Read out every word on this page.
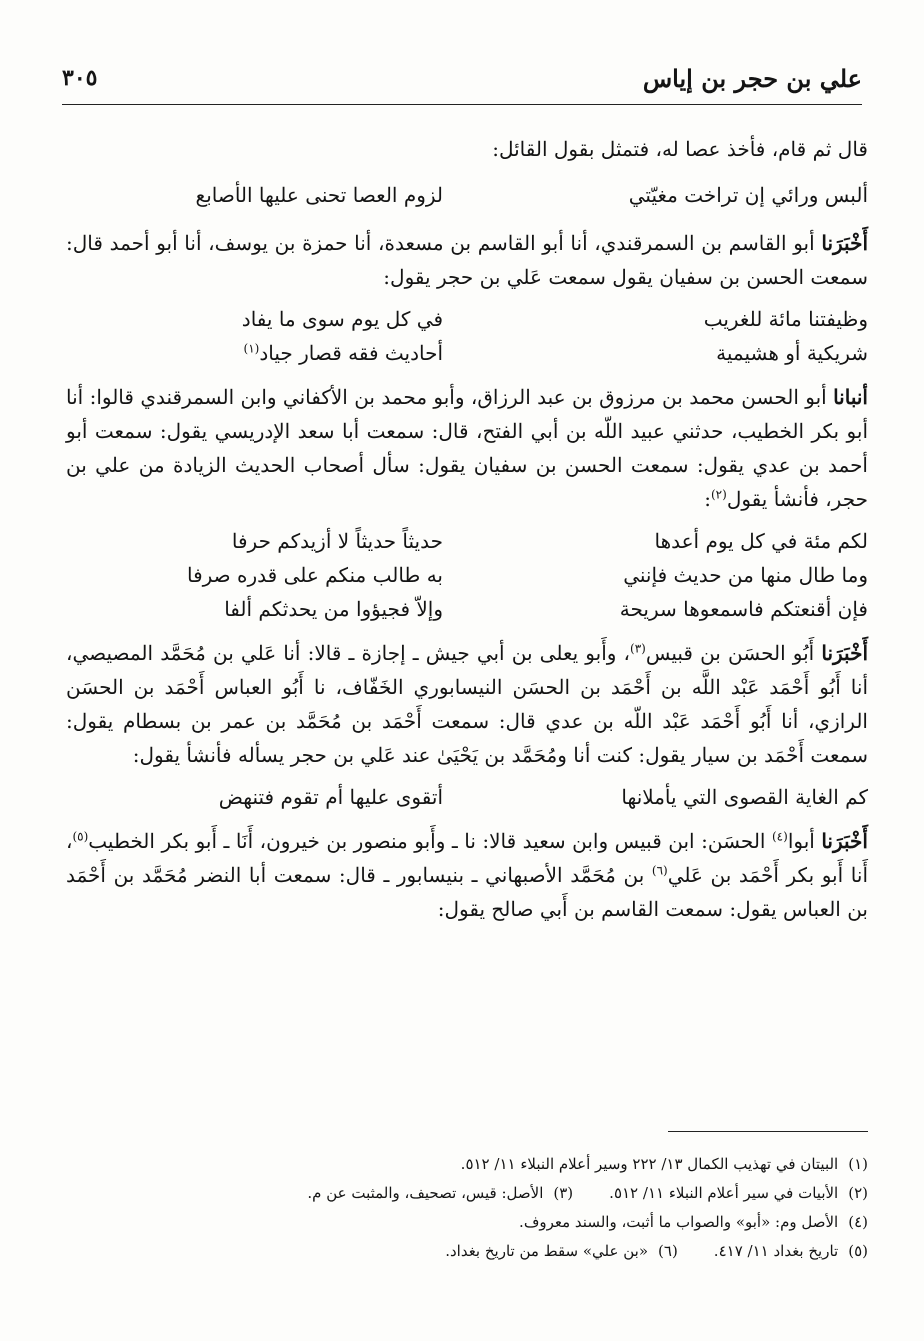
علي بن حجر بن إياس
٣٠٥

قال ثم قام، فأخذ عصا له، فتمثل بقول القائل:

ألبس ورائي إن تراخت مغيّتي
لزوم العصا تحنى عليها الأصابع

أَخْبَرَنا أبو القاسم بن السمرقندي، أنا أبو القاسم بن مسعدة، أنا حمزة بن يوسف، أنا أبو أحمد قال: سمعت الحسن بن سفيان يقول سمعت عَلي بن حجر يقول:

وظيفتنا مائة للغريب
في كل يوم سوى ما يفاد
شريكية أو هشيمية
أحاديث فقه قصار جياد$^{(١)}$

أنبانا أبو الحسن محمد بن مرزوق بن عبد الرزاق، وأبو محمد بن الأكفاني وابن السمرقندي قالوا: أنا أبو بكر الخطيب، حدثني عبيد اللّه بن أبي الفتح، قال: سمعت أبا سعد الإدريسي يقول: سمعت أبو أحمد بن عدي يقول: سمعت الحسن بن سفيان يقول: سأل أصحاب الحديث الزيادة من علي بن حجر، فأنشأ يقول$^{(٢)}$:

لكم مئة في كل يوم أعدها
حديثاً حديثاً لا أزيدكم حرفا
وما طال منها من حديث فإنني
به طالب منكم على قدره صرفا
فإن أقنعتكم فاسمعوها سريحة
وإلاّ فجيؤوا من يحدثكم ألفا

أَخْبَرَنا أَبُو الحسَن بن قبيس$^{(٣)}$، وأَبو يعلى بن أبي جيش ـ إجازة ـ قالا: أنا عَلي بن مُحَمَّد المصيصي، أنا أَبُو أَحْمَد عَبْد اللَّه بن أَحْمَد بن الحسَن النيسابوري الخَفّاف، نا أَبُو العباس أَحْمَد بن الحسَن الرازي، أنا أَبُو أَحْمَد عَبْد اللّه بن عدي قال: سمعت أَحْمَد بن مُحَمَّد بن عمر بن بسطام يقول: سمعت أَحْمَد بن سيار يقول: كنت أنا ومُحَمَّد بن يَحْيَىٰ عند عَلي بن حجر يسأله فأنشأ يقول:

كم الغاية القصوى التي يأملانها
أتقوى عليها أم تقوم فتنهض

أَخْبَرَنا أبوا$^{(٤)}$ الحسَن: ابن قبيس وابن سعيد قالا: نا ـ وأَبو منصور بن خيرون، أَنَا ـ أَبو بكر الخطيب$^{(٥)}$، أَنا أَبو بكر أَحْمَد بن عَلي$^{(٦)}$ بن مُحَمَّد الأصبهاني ـ بنيسابور ـ قال: سمعت أبا النضر مُحَمَّد بن أَحْمَد بن العباس يقول: سمعت القاسم بن أَبي صالح يقول:

(١)البيتان في تهذيب الكمال ١٣/ ٢٢٢ وسير أعلام النبلاء ١١/ ٥١٢.
(٢)الأبيات في سير أعلام النبلاء ١١/ ٥١٢.
(٣)الأصل: قيس، تصحيف، والمثبت عن م.
(٤)الأصل وم: «أبو» والصواب ما أثبت، والسند معروف.
(٥)تاريخ بغداد ١١/ ٤١٧.
(٦)«بن علي» سقط من تاريخ بغداد.
